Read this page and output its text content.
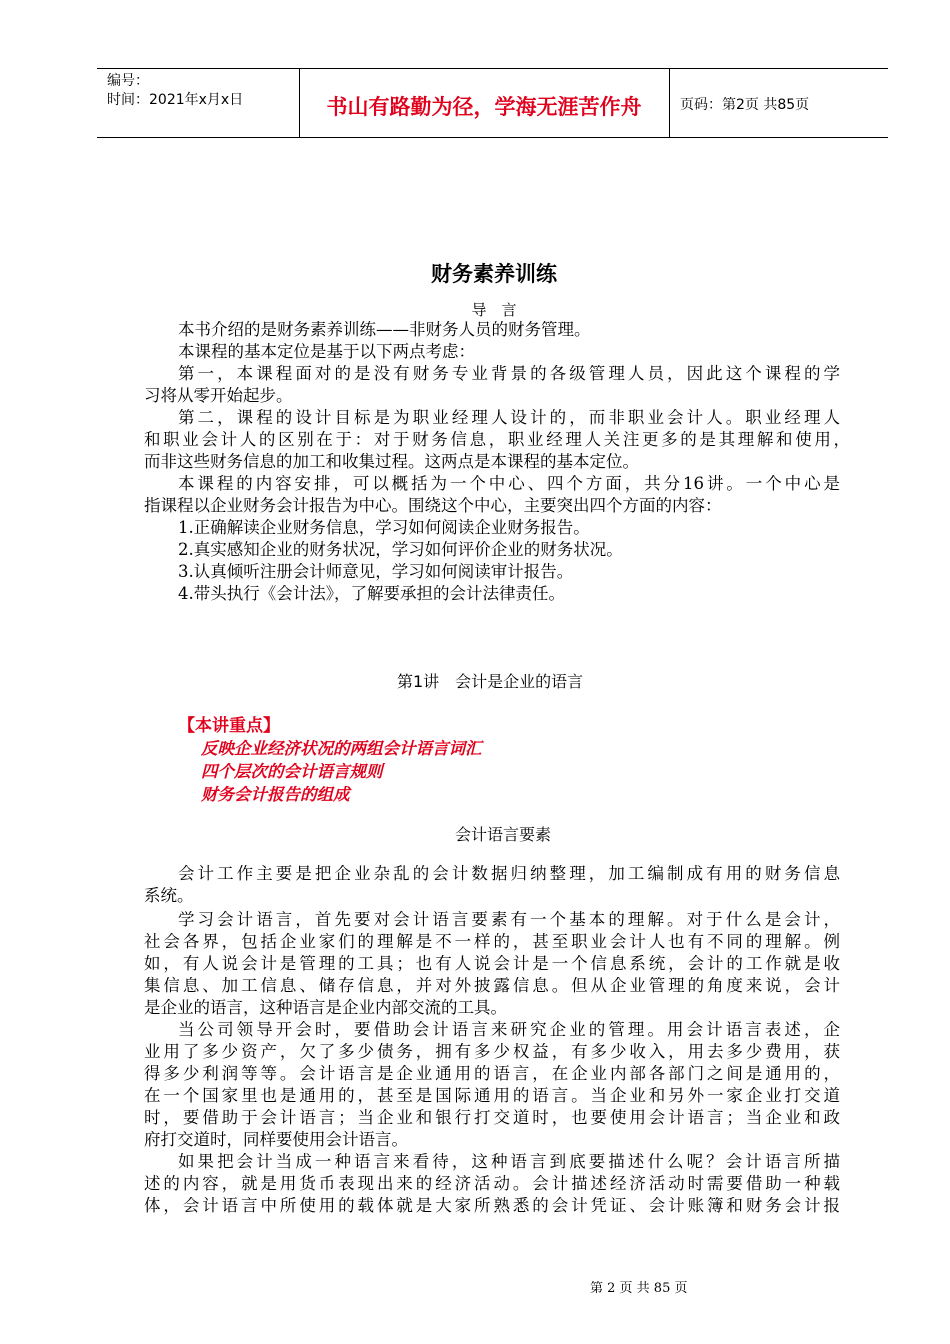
编号：
时间：2021年x月x日	书山有路勤为径，学海无涯苦作舟	页码：第2页 共85页
财务素养训练
导　言
本书介绍的是财务素养训练——非财务人员的财务管理。
本课程的基本定位是基于以下两点考虑：
第一，本课程面对的是没有财务专业背景的各级管理人员，因此这个课程的学
习将从零开始起步。
第二，课程的设计目标是为职业经理人设计的，而非职业会计人。职业经理人
和职业会计人的区别在于：对于财务信息，职业经理人关注更多的是其理解和使用，
而非这些财务信息的加工和收集过程。这两点是本课程的基本定位。
本课程的内容安排，可以概括为一个中心、四个方面，共分16讲。一个中心是
指课程以企业财务会计报告为中心。围绕这个中心，主要突出四个方面的内容：
1.正确解读企业财务信息，学习如何阅读企业财务报告。
2.真实感知企业的财务状况，学习如何评价企业的财务状况。
3.认真倾听注册会计师意见，学习如何阅读审计报告。
4.带头执行《会计法》，了解要承担的会计法律责任。
第1讲　会计是企业的语言
【本讲重点】
反映企业经济状况的两组会计语言词汇
四个层次的会计语言规则
财务会计报告的组成
会计语言要素
会计工作主要是把企业杂乱的会计数据归纳整理，加工编制成有用的财务信息
系统。
学习会计语言，首先要对会计语言要素有一个基本的理解。对于什么是会计，
社会各界，包括企业家们的理解是不一样的，甚至职业会计人也有不同的理解。例
如，有人说会计是管理的工具；也有人说会计是一个信息系统，会计的工作就是收
集信息、加工信息、储存信息，并对外披露信息。但从企业管理的角度来说，会计
是企业的语言，这种语言是企业内部交流的工具。
当公司领导开会时，要借助会计语言来研究企业的管理。用会计语言表述，企
业用了多少资产，欠了多少债务，拥有多少权益，有多少收入，用去多少费用，获
得多少利润等等。会计语言是企业通用的语言，在企业内部各部门之间是通用的，
在一个国家里也是通用的，甚至是国际通用的语言。当企业和另外一家企业打交道
时，要借助于会计语言；当企业和银行打交道时，也要使用会计语言；当企业和政
府打交道时，同样要使用会计语言。
如果把会计当成一种语言来看待，这种语言到底要描述什么呢？会计语言所描
述的内容，就是用货币表现出来的经济活动。会计描述经济活动时需要借助一种载
体，会计语言中所使用的载体就是大家所熟悉的会计凭证、会计账簿和财务会计报
第 2 页 共 85 页
